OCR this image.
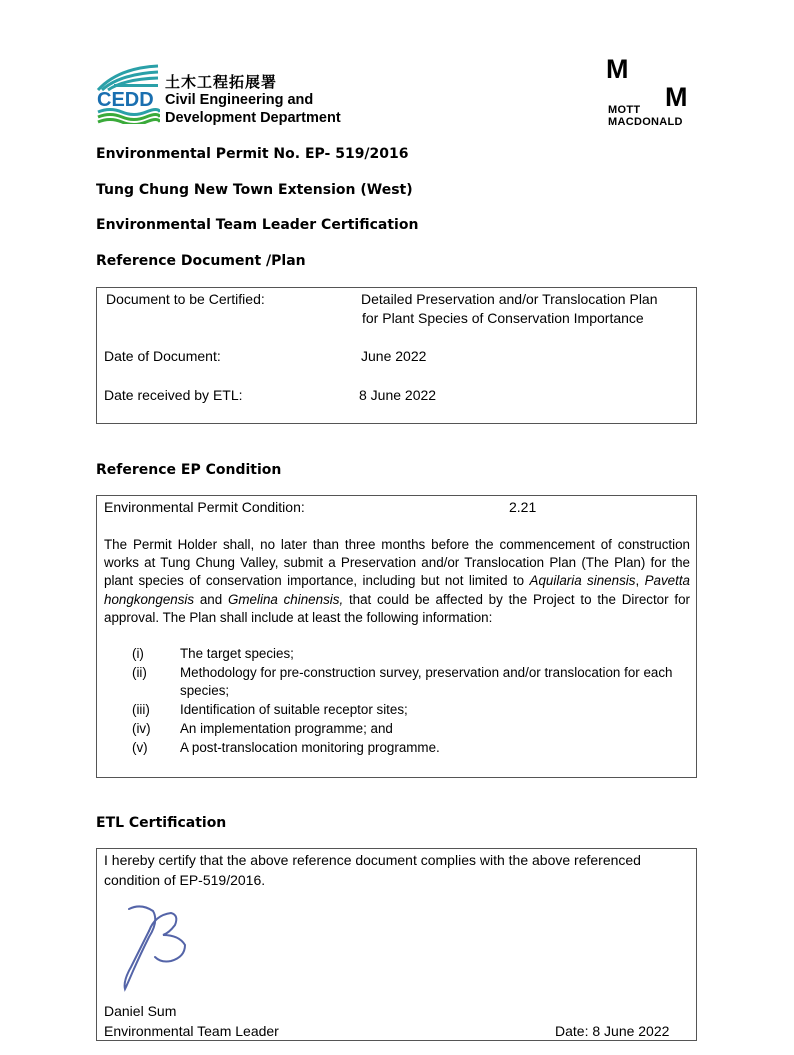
CEDD
土木工程拓展署
Civil Engineering and
Development Department
M
M
MOTT
MACDONALD
Environmental Permit No. EP- 519/2016
Tung Chung New Town Extension (West)
Environmental Team Leader Certification
Reference Document /Plan
Document to be Certified:	Detailed Preservation and/or Translocation Plan
for Plant Species of Conservation Importance
Date of Document:	June 2022
Date received by ETL:	8 June 2022
Reference EP Condition
Environmental Permit Condition:	2.21
The Permit Holder shall, no later than three months before the commencement of construction works at Tung Chung Valley, submit a Preservation and/or Translocation Plan (The Plan) for the plant species of conservation importance, including but not limited to Aquilaria sinensis, Pavetta hongkongensis and Gmelina chinensis, that could be affected by the Project to the Director for approval. The Plan shall include at least the following information:
(i)	The target species;
(ii) Methodology for pre-construction survey, preservation and/or translocation for each species;
(iii) Identification of suitable receptor sites;
(iv) An implementation programme; and
(v) A post-translocation monitoring programme.
ETL Certification
I hereby certify that the above reference document complies with the above referenced
condition of EP-519/2016.
Daniel Sum
Environmental Team Leader	Date: 8 June 2022
